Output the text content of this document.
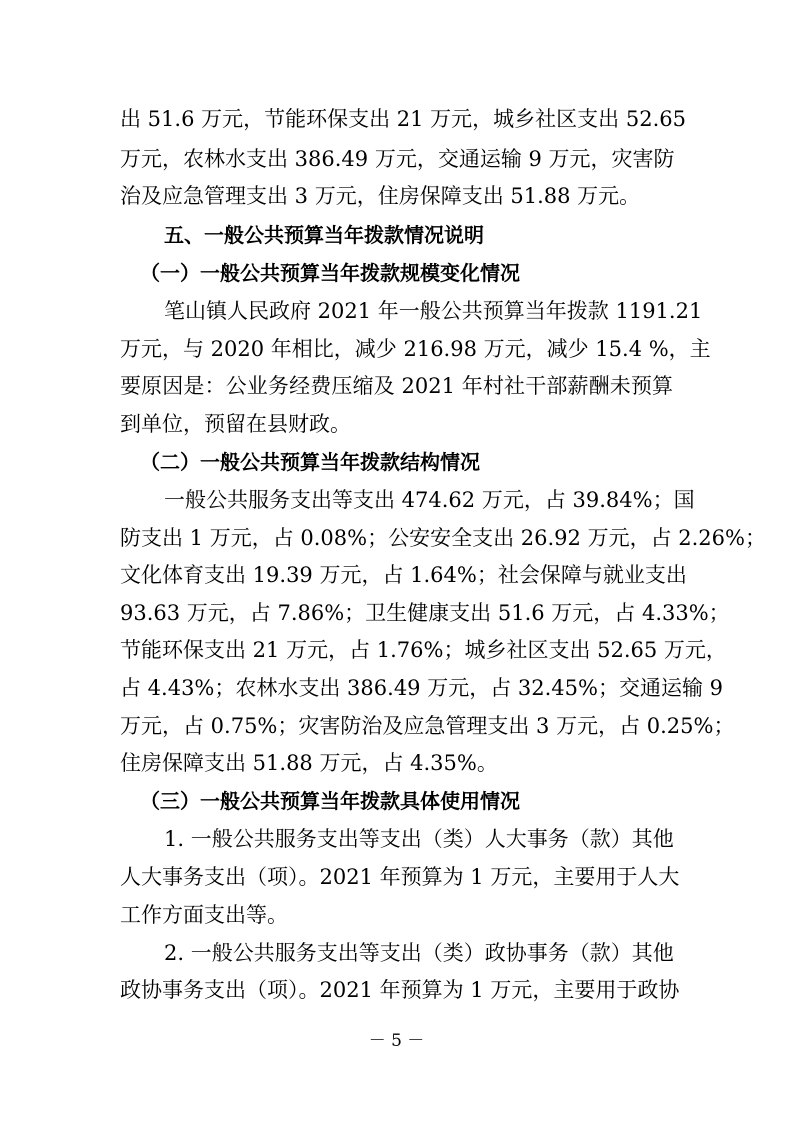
出 51.6 万元，节能环保支出 21 万元，城乡社区支出 52.65
万元，农林水支出 386.49 万元，交通运输 9 万元，灾害防
治及应急管理支出 3 万元，住房保障支出 51.88 万元。
五、一般公共预算当年拨款情况说明
（一）一般公共预算当年拨款规模变化情况
笔山镇人民政府 2021 年一般公共预算当年拨款 1191.21
万元，与 2020 年相比，减少 216.98 万元，减少 15.4 %，主
要原因是：公业务经费压缩及 2021 年村社干部薪酬未预算
到单位，预留在县财政。
（二）一般公共预算当年拨款结构情况
一般公共服务支出等支出 474.62 万元，占 39.84%；国
防支出 1 万元，占 0.08%；公安安全支出 26.92 万元，占 2.26%；
文化体育支出 19.39 万元，占 1.64%；社会保障与就业支出
93.63 万元，占 7.86%；卫生健康支出 51.6 万元，占 4.33%；
节能环保支出 21 万元，占 1.76%；城乡社区支出 52.65 万元，
占 4.43%；农林水支出 386.49 万元，占 32.45%；交通运输 9
万元，占 0.75%；灾害防治及应急管理支出 3 万元，占 0.25%；
住房保障支出 51.88 万元，占 4.35%。
（三）一般公共预算当年拨款具体使用情况
1. 一般公共服务支出等支出（类）人大事务（款）其他
人大事务支出（项）。2021 年预算为 1 万元，主要用于人大
工作方面支出等。
2. 一般公共服务支出等支出（类）政协事务（款）其他
政协事务支出（项）。2021 年预算为 1 万元，主要用于政协
－ 5 －
